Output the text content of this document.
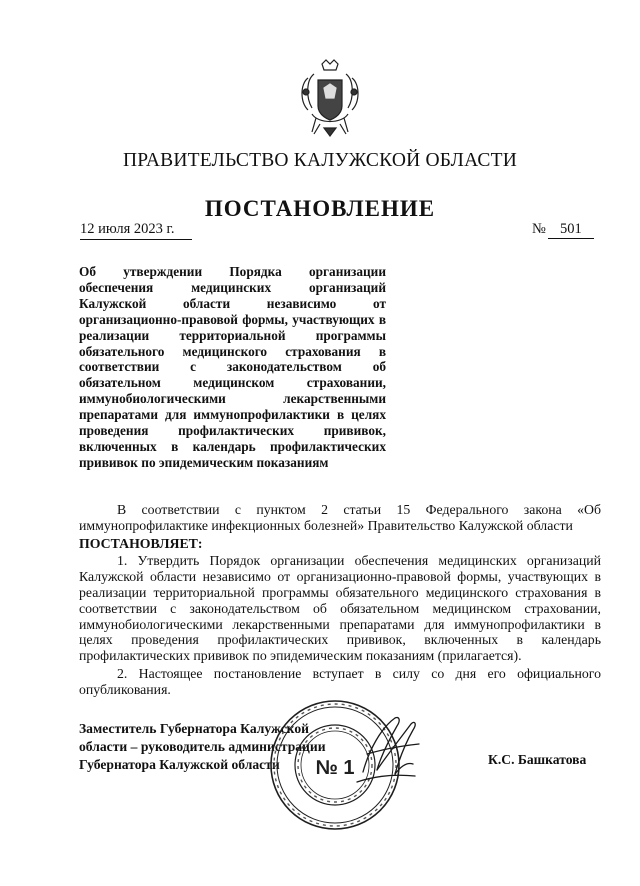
ПРАВИТЕЛЬСТВО КАЛУЖСКОЙ ОБЛАСТИ
ПОСТАНОВЛЕНИЕ
12 июля 2023 г.	№ 501
Об утверждении Порядка организации обеспечения медицинских организаций Калужской области независимо от организационно-правовой формы, участвующих в реализации территориальной программы обязательного медицинского страхования в соответствии с законодательством об обязательном медицинском страховании, иммунобиологическими лекарственными препаратами для иммунопрофилактики в целях проведения профилактических прививок, включенных в календарь профилактических прививок по эпидемическим показаниям

В соответствии с пунктом 2 статьи 15 Федерального закона «Об иммунопрофилактике инфекционных болезней» Правительство Калужской области

ПОСТАНОВЛЯЕТ:

1. Утвердить Порядок организации обеспечения медицинских организаций Калужской области независимо от организационно-правовой формы, участвующих в реализации территориальной программы обязательного медицинского страхования в соответствии с законодательством об обязательном медицинском страховании, иммунобиологическими лекарственными препаратами для иммунопрофилактики в целях проведения профилактических прививок, включенных в календарь профилактических прививок по эпидемическим показаниям (прилагается).

2. Настоящее постановление вступает в силу со дня его официального опубликования.

Заместитель Губернатора Калужской
области – руководитель администрации
Губернатора Калужской области	№ 1	К.С. Башкатова
